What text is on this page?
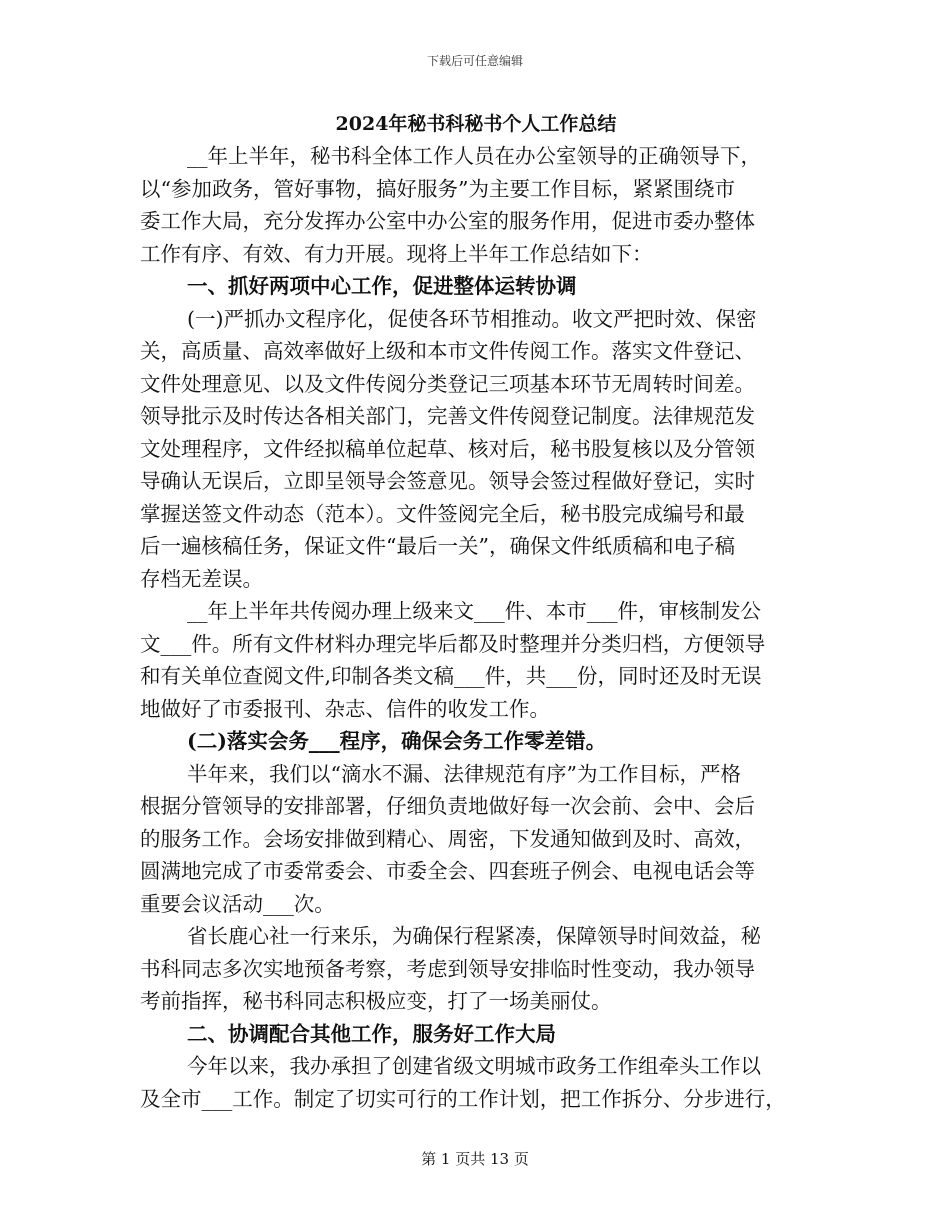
下载后可任意编辑
2024年秘书科秘书个人工作总结
__年上半年，秘书科全体工作人员在办公室领导的正确领导下，
以“参加政务，管好事物，搞好服务”为主要工作目标，紧紧围绕市
委工作大局，充分发挥办公室中办公室的服务作用，促进市委办整体
工作有序、有效、有力开展。现将上半年工作总结如下：
一、抓好两项中心工作，促进整体运转协调
(一)严抓办文程序化，促使各环节相推动。收文严把时效、保密
关，高质量、高效率做好上级和本市文件传阅工作。落实文件登记、
文件处理意见、以及文件传阅分类登记三项基本环节无周转时间差。
领导批示及时传达各相关部门，完善文件传阅登记制度。法律规范发
文处理程序，文件经拟稿单位起草、核对后，秘书股复核以及分管领
导确认无误后，立即呈领导会签意见。领导会签过程做好登记，实时
掌握送签文件动态（范本）。文件签阅完全后，秘书股完成编号和最
后一遍核稿任务，保证文件“最后一关”，确保文件纸质稿和电子稿
存档无差误。
__年上半年共传阅办理上级来文___件、本市___件，审核制发公
文___件。所有文件材料办理完毕后都及时整理并分类归档，方便领导
和有关单位查阅文件,印制各类文稿___件，共___份，同时还及时无误
地做好了市委报刊、杂志、信件的收发工作。
(二)落实会务___程序，确保会务工作零差错。
半年来，我们以“滴水不漏、法律规范有序”为工作目标，严格
根据分管领导的安排部署，仔细负责地做好每一次会前、会中、会后
的服务工作。会场安排做到精心、周密，下发通知做到及时、高效，
圆满地完成了市委常委会、市委全会、四套班子例会、电视电话会等
重要会议活动___次。
省长鹿心社一行来乐，为确保行程紧凑，保障领导时间效益，秘
书科同志多次实地预备考察，考虑到领导安排临时性变动，我办领导
考前指挥，秘书科同志积极应变，打了一场美丽仗。
二、协调配合其他工作，服务好工作大局
今年以来，我办承担了创建省级文明城市政务工作组牵头工作以
及全市___工作。制定了切实可行的工作计划，把工作拆分、分步进行，
第 1 页共 13 页
